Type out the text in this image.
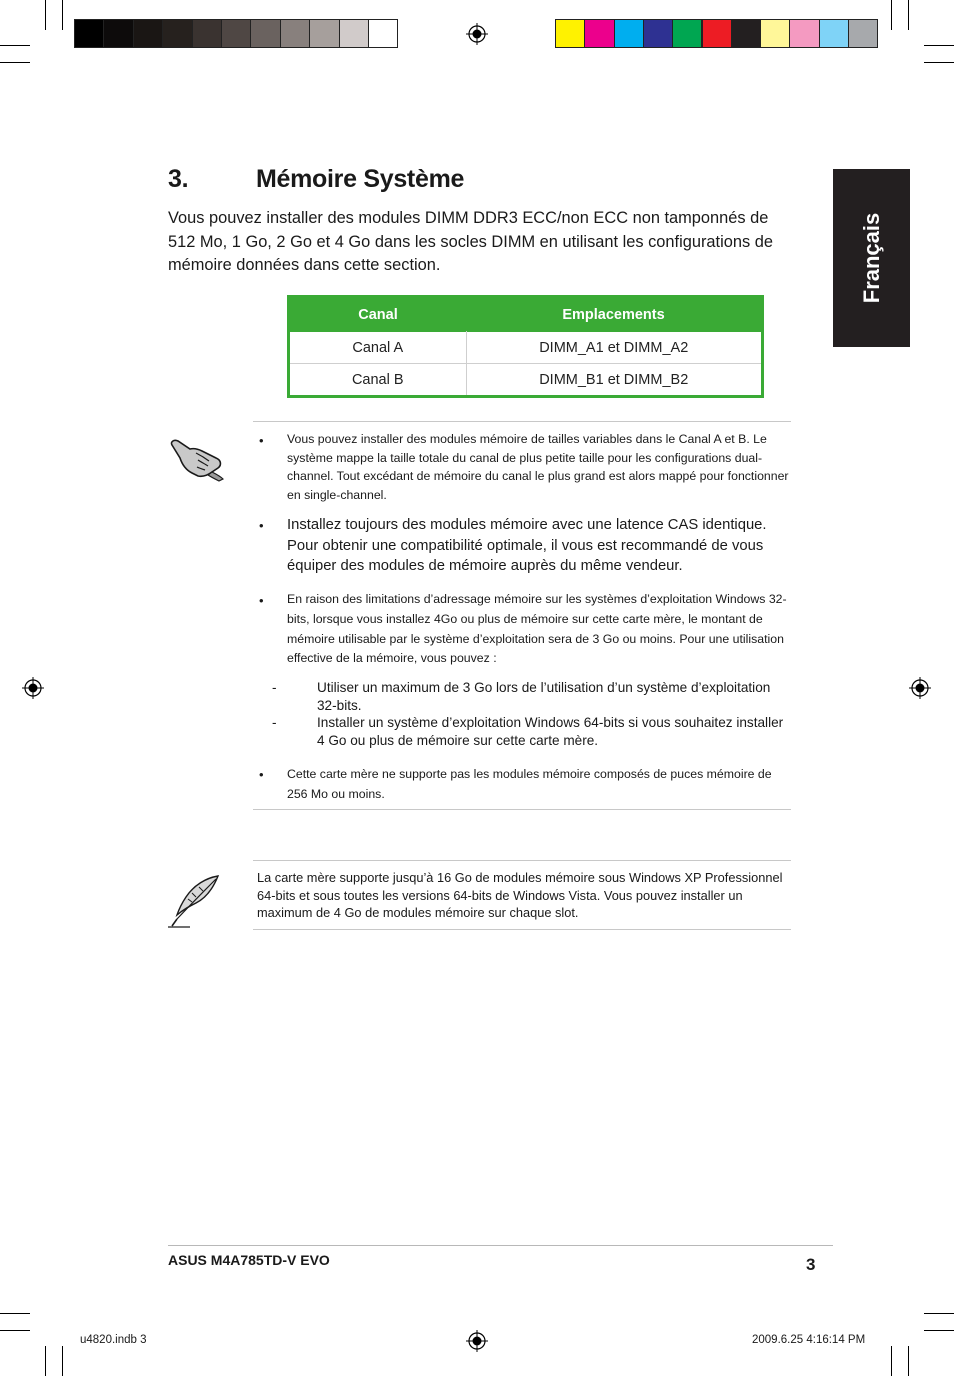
3.	Mémoire Système
Vous pouvez installer des modules DIMM DDR3 ECC/non ECC non tamponnés de 512 Mo, 1 Go, 2 Go et 4 Go dans les socles DIMM en utilisant les configurations de mémoire données dans cette section.	Français
Canal	Emplacements
Canal A	DIMM_A1 et DIMM_A2
Canal B	DIMM_B1 et DIMM_B2
• Vous pouvez installer des modules mémoire de tailles variables dans le Canal A et B. Le système mappe la taille totale du canal de plus petite taille pour les configurations dual-channel. Tout excédant de mémoire du canal le plus grand est alors mappé pour fonctionner en single-channel.
• Installez toujours des modules mémoire avec une latence CAS identique. Pour obtenir une compatibilité optimale, il vous est recommandé de vous équiper des modules de mémoire auprès du même vendeur.
• En raison des limitations d’adressage mémoire sur les systèmes d’exploitation Windows 32-bits, lorsque vous installez 4Go ou plus de mémoire sur cette carte mère, le montant de mémoire utilisable par le système d’exploitation sera de 3 Go ou moins. Pour une utilisation effective de la mémoire, vous pouvez :
-	Utiliser un maximum de 3 Go lors de l’utilisation d’un système d’exploitation 32-bits.
-	Installer un système d’exploitation Windows 64-bits si vous souhaitez installer 4 Go ou plus de mémoire sur cette carte mère.
• Cette carte mère ne supporte pas les modules mémoire composés de puces mémoire de 256 Mo ou moins.
La carte mère supporte jusqu’à 16 Go de modules mémoire sous Windows XP Professionnel 64-bits et sous toutes les versions 64-bits de Windows Vista. Vous pouvez installer un maximum de 4 Go de modules mémoire sur chaque slot.
ASUS M4A785TD-V EVO	3
u4820.indb 3	2009.6.25 4:16:14 PM
